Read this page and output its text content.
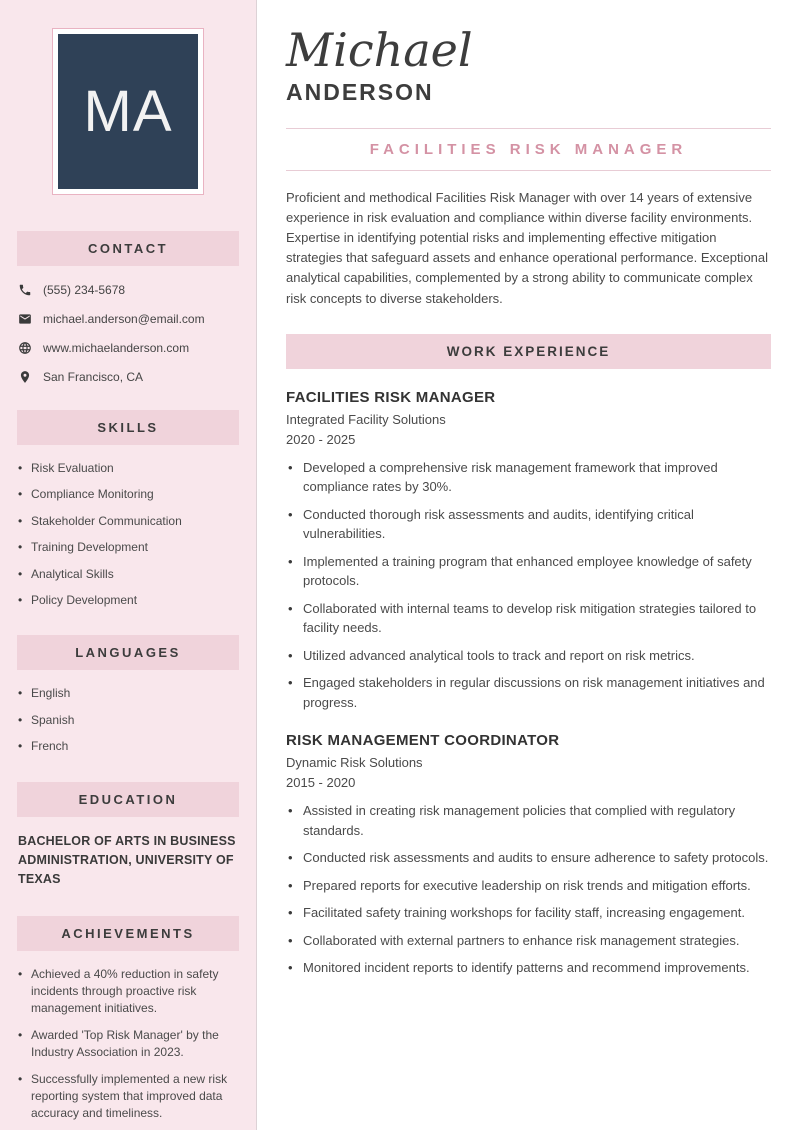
MA
CONTACT
(555) 234-5678
michael.anderson@email.com
www.michaelanderson.com
San Francisco, CA
SKILLS
• Risk Evaluation
• Compliance Monitoring
• Stakeholder Communication
• Training Development
• Analytical Skills
• Policy Development
LANGUAGES
• English
• Spanish
• French
EDUCATION
BACHELOR OF ARTS IN BUSINESS ADMINISTRATION, UNIVERSITY OF TEXAS
ACHIEVEMENTS
• Achieved a 40% reduction in safety incidents through proactive risk management initiatives.
• Awarded 'Top Risk Manager' by the Industry Association in 2023.
• Successfully implemented a new risk reporting system that improved data accuracy and timeliness.
Michael
ANDERSON
FACILITIES RISK MANAGER

Proficient and methodical Facilities Risk Manager with over 14 years of extensive experience in risk evaluation and compliance within diverse facility environments. Expertise in identifying potential risks and implementing effective mitigation strategies that safeguard assets and enhance operational performance. Exceptional analytical capabilities, complemented by a strong ability to communicate complex risk concepts to diverse stakeholders.

WORK EXPERIENCE
FACILITIES RISK MANAGER
Integrated Facility Solutions
2020 - 2025
• Developed a comprehensive risk management framework that improved compliance rates by 30%.
• Conducted thorough risk assessments and audits, identifying critical vulnerabilities.
• Implemented a training program that enhanced employee knowledge of safety protocols.
• Collaborated with internal teams to develop risk mitigation strategies tailored to facility needs.
• Utilized advanced analytical tools to track and report on risk metrics.
• Engaged stakeholders in regular discussions on risk management initiatives and progress.
RISK MANAGEMENT COORDINATOR
Dynamic Risk Solutions
2015 - 2020
• Assisted in creating risk management policies that complied with regulatory standards.
• Conducted risk assessments and audits to ensure adherence to safety protocols.
• Prepared reports for executive leadership on risk trends and mitigation efforts.
• Facilitated safety training workshops for facility staff, increasing engagement.
• Collaborated with external partners to enhance risk management strategies.
• Monitored incident reports to identify patterns and recommend improvements.
